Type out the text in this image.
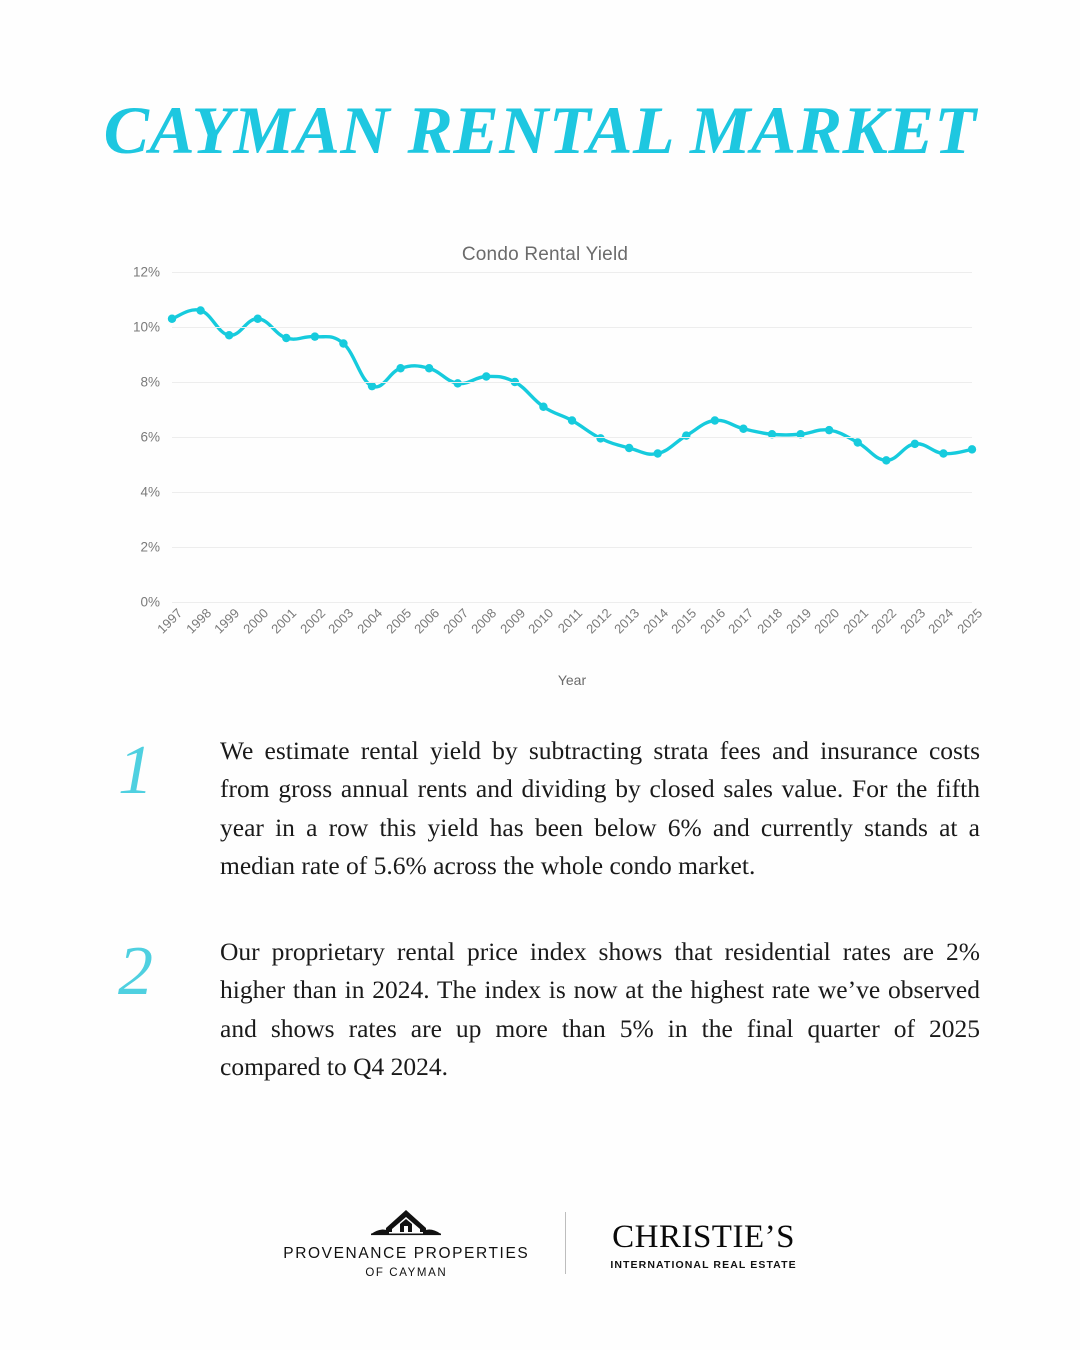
CAYMAN RENTAL MARKET
Condo Rental Yield
0%
2%
4%
6%
8%
10%
12%
1997
1998
1999
2000
2001
2002
2003
2004
2005
2006
2007
2008
2009
2010
2011
2012
2013
2014
2015
2016
2017
2018
2019
2020
2021
2022
2023
2024
2025
Year
1	We estimate rental yield by subtracting strata fees and insurance costs from gross annual rents and dividing by closed sales value. For the fifth year in a row this yield has been below 6% and currently stands at a median rate of 5.6% across the whole condo market.
2	Our proprietary rental price index shows that residential rates are 2% higher than in 2024. The index is now at the highest rate we’ve observed and shows rates are up more than 5% in the final quarter of 2025 compared to Q4 2024.
PROVENANCE PROPERTIES
OF CAYMAN
CHRISTIE’S
INTERNATIONAL REAL ESTATE
